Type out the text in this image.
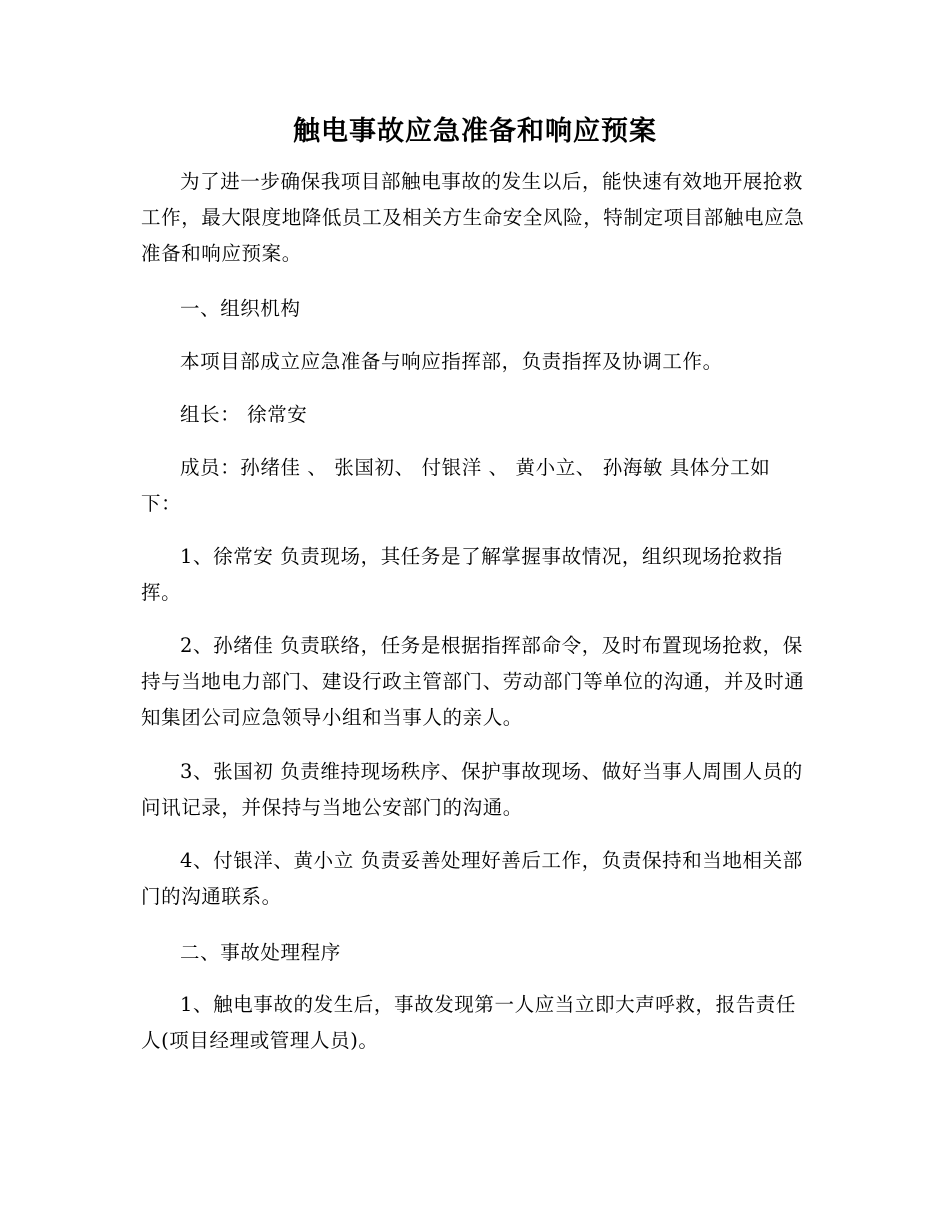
触电事故应急准备和响应预案

为了进一步确保我项目部触电事故的发生以后，能快速有效地开展抢救工作，最大限度地降低员工及相关方生命安全风险，特制定项目部触电应急准备和响应预案。

一、组织机构

本项目部成立应急准备与响应指挥部，负责指挥及协调工作。

组长： 徐常安

成员：孙绪佳 、 张国初、 付银洋 、 黄小立、 孙海敏 具体分工如下：

1、徐常安 负责现场，其任务是了解掌握事故情况，组织现场抢救指挥。

2、孙绪佳 负责联络，任务是根据指挥部命令，及时布置现场抢救，保持与当地电力部门、建设行政主管部门、劳动部门等单位的沟通，并及时通知集团公司应急领导小组和当事人的亲人。

3、张国初 负责维持现场秩序、保护事故现场、做好当事人周围人员的问讯记录，并保持与当地公安部门的沟通。

4、付银洋、黄小立 负责妥善处理好善后工作，负责保持和当地相关部门的沟通联系。

二、事故处理程序

1、触电事故的发生后，事故发现第一人应当立即大声呼救，报告责任人(项目经理或管理人员)。
